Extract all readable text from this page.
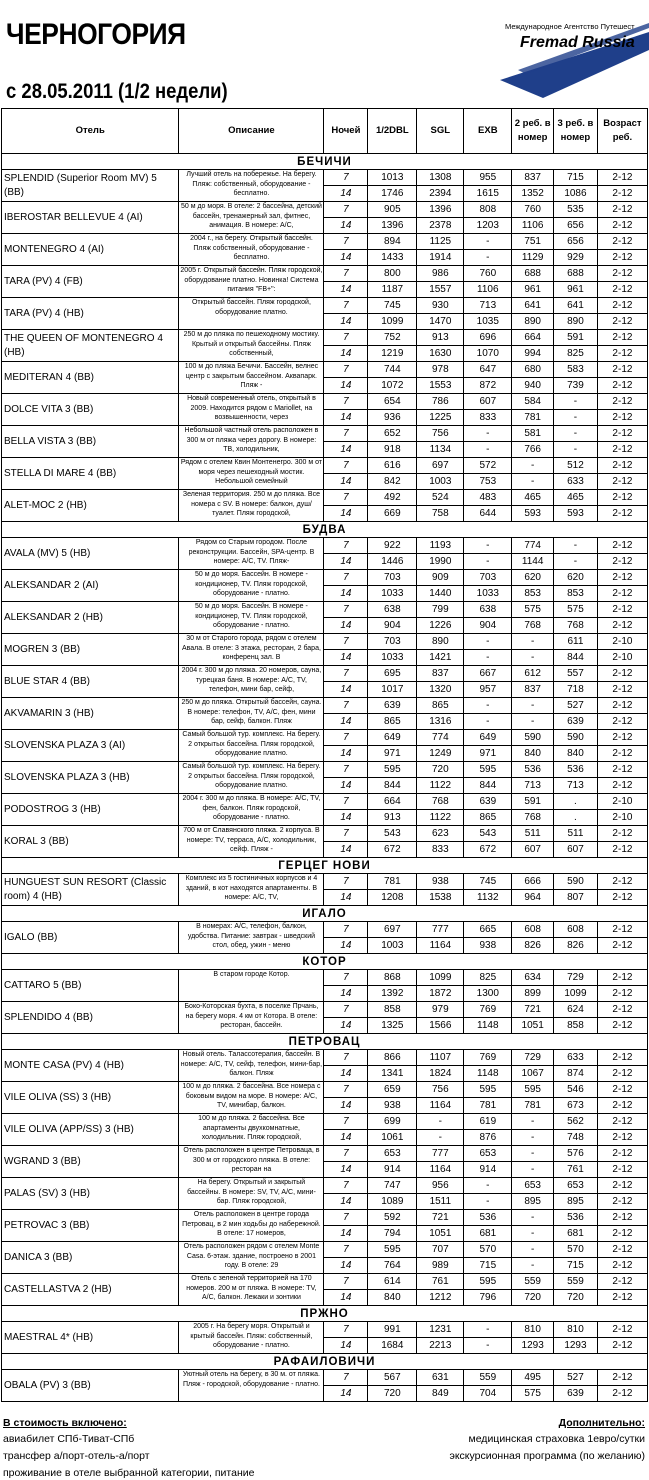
ЧЕРНОГОРИЯ
с 28.05.2011 (1/2 недели)
Международное Агентство Путешест
Fremad Russia
Отель	Описание	Ночей	1/2DBL	SGL	EXB	2 реб. в номер	3 реб. в номер	Возраст реб.
БЕЧИЧИ								
SPLENDID (Superior Room MV) 5 (BB)	Лучший отель на побережье. На берегу. Пляж: собственный, оборудование - бесплатно.	7	1013	1308	955	837	715	2-12
		14	1746	2394	1615	1352	1086	2-12
IBEROSTAR BELLEVUE 4 (AI)	50 м до моря. В отеле: 2 бассейна, детский бассейн, тренажерный зал, фитнес, анимация. В номере: A/C,	7	905	1396	808	760	535	2-12
		14	1396	2378	1203	1106	656	2-12
MONTENEGRO 4 (AI)	2004 г., на берегу. Открытый бассейн. Пляж собственный, оборудование - бесплатно.	7	894	1125	-	751	656	2-12
		14	1433	1914	-	1129	929	2-12
TARA (PV) 4 (FB)	2005 г. Открытый бассейн. Пляж городской, оборудование платно. Новинка! Система питания "FB+":	7	800	986	760	688	688	2-12
		14	1187	1557	1106	961	961	2-12
TARA (PV) 4 (HB)	Открытый бассейн. Пляж городской, оборудование платно.	7	745	930	713	641	641	2-12
		14	1099	1470	1035	890	890	2-12
THE QUEEN OF MONTENEGRO 4 (HB)	250 м до пляжа по пешеходному мостику. Крытый и открытый бассейны. Пляж собственный,	7	752	913	696	664	591	2-12
		14	1219	1630	1070	994	825	2-12
MEDITERAN 4 (BB)	100 м до пляжа Бечичи. Бассейн, велнес центр с закрытым бассейном. Аквапарк. Пляж -	7	744	978	647	680	583	2-12
		14	1072	1553	872	940	739	2-12
DOLCE VITA 3 (BB)	Новый современный отель, открытый в 2009. Находится рядом с Mariollet, на возвышенности, через	7	654	786	607	584	-	2-12
		14	936	1225	833	781	-	2-12
BELLA VISTA 3 (BB)	Небольшой частный отель расположен в 300 м от пляжа через дорогу. В номере: ТВ, холодильник,	7	652	756	-	581	-	2-12
		14	918	1134	-	766	-	2-12
STELLA DI MARE 4 (BB)	Рядом с отелем Квин Монтенегро. 300 м от моря через пешеходный мостик. Небольшой семейный	7	616	697	572	-	512	2-12
		14	842	1003	753	-	633	2-12
ALET-MOC 2 (HB)	Зеленая территория. 250 м до пляжа. Все номера с SV. В номере: балкон, душ/туалет. Пляж городской,	7	492	524	483	465	465	2-12
		14	669	758	644	593	593	2-12
БУДВА								
AVALA (MV) 5 (HB)	Рядом со Старым городом. После реконструкции. Бассейн, SPA-центр. В номере: A/C, TV. Пляж-	7	922	1193	-	774	-	2-12
		14	1446	1990	-	1144	-	2-12
ALEKSANDAR 2 (AI)	50 м до моря. Бассейн. В номере - кондиционер, TV. Пляж городской, оборудование - платно.	7	703	909	703	620	620	2-12
		14	1033	1440	1033	853	853	2-12
ALEKSANDAR 2 (HB)	50 м до моря. Бассейн. В номере - кондиционер, TV. Пляж городской, оборудование - платно.	7	638	799	638	575	575	2-12
		14	904	1226	904	768	768	2-12
MOGREN 3 (BB)	30 м от Старого города, рядом с отелем Авала. В отеле: 3 этажа, ресторан, 2 бара, конференц зал. В	7	703	890	-	-	611	2-10
		14	1033	1421	-	-	844	2-10
BLUE STAR 4 (BB)	2004 г. 300 м до пляжа. 20 номеров, сауна, турецкая баня. В номере: A/C, TV, телефон, мини бар, сейф,	7	695	837	667	612	557	2-12
		14	1017	1320	957	837	718	2-12
AKVAMARIN 3 (HB)	250 м до пляжа. Открытый бассейн, сауна. В номере: телефон, TV, A/C, фен, мини бар, сейф, балкон. Пляж	7	639	865	-	-	527	2-12
		14	865	1316	-	-	639	2-12
SLOVENSKA PLAZA 3 (AI)	Самый большой тур. комплекс. На берегу. 2 открытых бассейна. Пляж городской, оборудование платно.	7	649	774	649	590	590	2-12
		14	971	1249	971	840	840	2-12
SLOVENSKA PLAZA 3 (HB)	Самый большой тур. комплекс. На берегу. 2 открытых бассейна. Пляж городской, оборудование платно.	7	595	720	595	536	536	2-12
		14	844	1122	844	713	713	2-12
PODOSTROG 3 (HB)	2004 г. 300 м до пляжа. В номере: A/C, TV, фен, балкон. Пляж городской, оборудование - платно.	7	664	768	639	591	.	2-10
		14	913	1122	865	768	.	2-10
KORAL 3 (BB)	700 м от Славянского пляжа. 2 корпуса. В номере: TV, терраса, A/C, холодильник, сейф. Пляж -	7	543	623	543	511	511	2-12
		14	672	833	672	607	607	2-12
ГЕРЦЕГ НОВИ								
HUNGUEST SUN RESORT (Classic room) 4 (HB)	Комплекс из 5 гостиничных корпусов и 4 зданий, в кот находятся апартаменты. В номере: A/C, TV,	7	781	938	745	666	590	2-12
		14	1208	1538	1132	964	807	2-12
ИГАЛО								
IGALO (BB)	В номерах: A/C, телефон, балкон, удобства. Питание: завтрак - шведский стол, обед, ужин - меню	7	697	777	665	608	608	2-12
		14	1003	1164	938	826	826	2-12
КОТОР								
CATTARO 5 (BB)	В старом городе Котор.	7	868	1099	825	634	729	2-12
		14	1392	1872	1300	899	1099	2-12
SPLENDIDO 4 (BB)	Боко-Которская бухта, в поселке Прчань, на берегу моря. 4 км от Котора. В отеле: ресторан, бассейн.	7	858	979	769	721	624	2-12
		14	1325	1566	1148	1051	858	2-12
ПЕТРОВАЦ								
MONTE CASA (PV) 4 (HB)	Новый отель. Талассотерапия, бассейн. В номере: A/C, TV, сейф, телефон, мини-бар, балкон. Пляж	7	866	1107	769	729	633	2-12
		14	1341	1824	1148	1067	874	2-12
VILE OLIVA (SS) 3 (HB)	100 м до пляжа. 2 бассейна. Все номера с боковым видом на море. В номере: A/C, TV, минибар, балкон.	7	659	756	595	595	546	2-12
		14	938	1164	781	781	673	2-12
VILE OLIVA (APP/SS) 3 (HB)	100 м до пляжа. 2 бассейна. Все апартаменты двухкомнатные, холодильник. Пляж городской,	7	699	-	619	-	562	2-12
		14	1061	-	876	-	748	2-12
WGRAND 3 (BB)	Отель расположен в центре Петроваца, в 300 м от городского пляжа. В отеле: ресторан на	7	653	777	653	-	576	2-12
		14	914	1164	914	-	761	2-12
PALAS (SV) 3 (HB)	На берегу. Открытый и закрытый бассейны. В номере: SV, TV, A/C, мини-бар. Пляж городской,	7	747	956	-	653	653	2-12
		14	1089	1511	-	895	895	2-12
PETROVAC 3 (BB)	Отель расположен в центре города Петровац, в 2 мин ходьбы до набережной. В отеле: 17 номеров,	7	592	721	536	-	536	2-12
		14	794	1051	681	-	681	2-12
DANICA 3 (BB)	Отель расположен рядом с отелем Monte Casa. 6-этаж. здание, построено в 2001 году. В отеле: 29	7	595	707	570	-	570	2-12
		14	764	989	715	-	715	2-12
CASTELLASTVA 2 (HB)	Отель с зеленой территорией на 170 номеров. 200 м от пляжа. В номере: TV, A/C, балкон. Лежаки и зонтики	7	614	761	595	559	559	2-12
		14	840	1212	796	720	720	2-12
ПРЖНО								
MAESTRAL 4* (HB)	2005 г. На берегу моря. Открытый и крытый бассейн. Пляж: собственный, оборудование - платно.	7	991	1231	-	810	810	2-12
		14	1684	2213	-	1293	1293	2-12
РАФАИЛОВИЧИ								
OBALA (PV) 3 (BB)	Уютный отель на берегу, в 30 м. от пляжа. Пляж - городской, оборудование - платно.	7	567	631	559	495	527	2-12
		14	720	849	704	575	639	2-12
В стоимость включено:
авиабилет СПб-Тиват-СПб
трансфер а/порт-отель-а/порт
проживание в отеле выбранной категории, питание
Дополнительно:
медицинская страховка 1евро/сутки
экскурсионная программа (по желанию)
